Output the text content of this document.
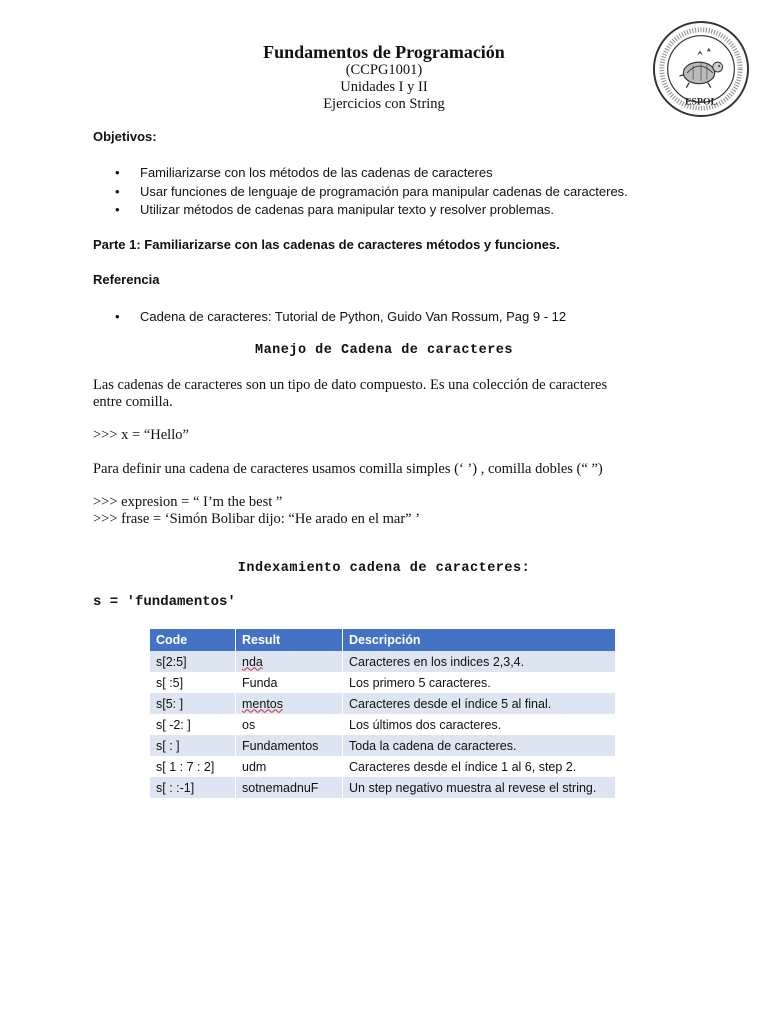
Fundamentos de Programación
(CCPG1001)
Unidades I y II
Ejercicios con String	ESPOL
Objetivos:
• Familiarizarse con los métodos de las cadenas de caracteres
• Usar funciones de lenguaje de programación para manipular cadenas de caracteres.
• Utilizar métodos de cadenas para manipular texto y resolver problemas.
Parte 1: Familiarizarse con las cadenas de caracteres métodos y funciones.
Referencia
• Cadena de caracteres: Tutorial de Python, Guido Van Rossum, Pag 9 - 12
Manejo de Cadena de caracteres
Las cadenas de caracteres son un tipo de dato compuesto. Es una colección de caracteres
entre comilla.
>>> x = “Hello”
Para definir una cadena de caracteres usamos comilla simples (‘ ’) , comilla dobles (“ ”)
>>> expresion = “ I’m the best ”
>>> frase = ‘Simón Bolibar dijo: “He arado en el mar” ’
Indexamiento cadena de caracteres:
s = 'fundamentos'
Code	Result	Descripción
s[2:5]	nda	Caracteres en los indices 2,3,4.
s[ :5]	Funda	Los primero 5 caracteres.
s[5: ]	mentos	Caracteres desde el índice 5 al final.
s[ -2: ]	os	Los últimos dos caracteres.
s[ : ]	Fundamentos	Toda la cadena de caracteres.
s[ 1 : 7 : 2]	udm	Caracteres desde el índice 1 al 6, step 2.
s[ : :-1]	sotnemadnuF	Un step negativo muestra al revese el string.
